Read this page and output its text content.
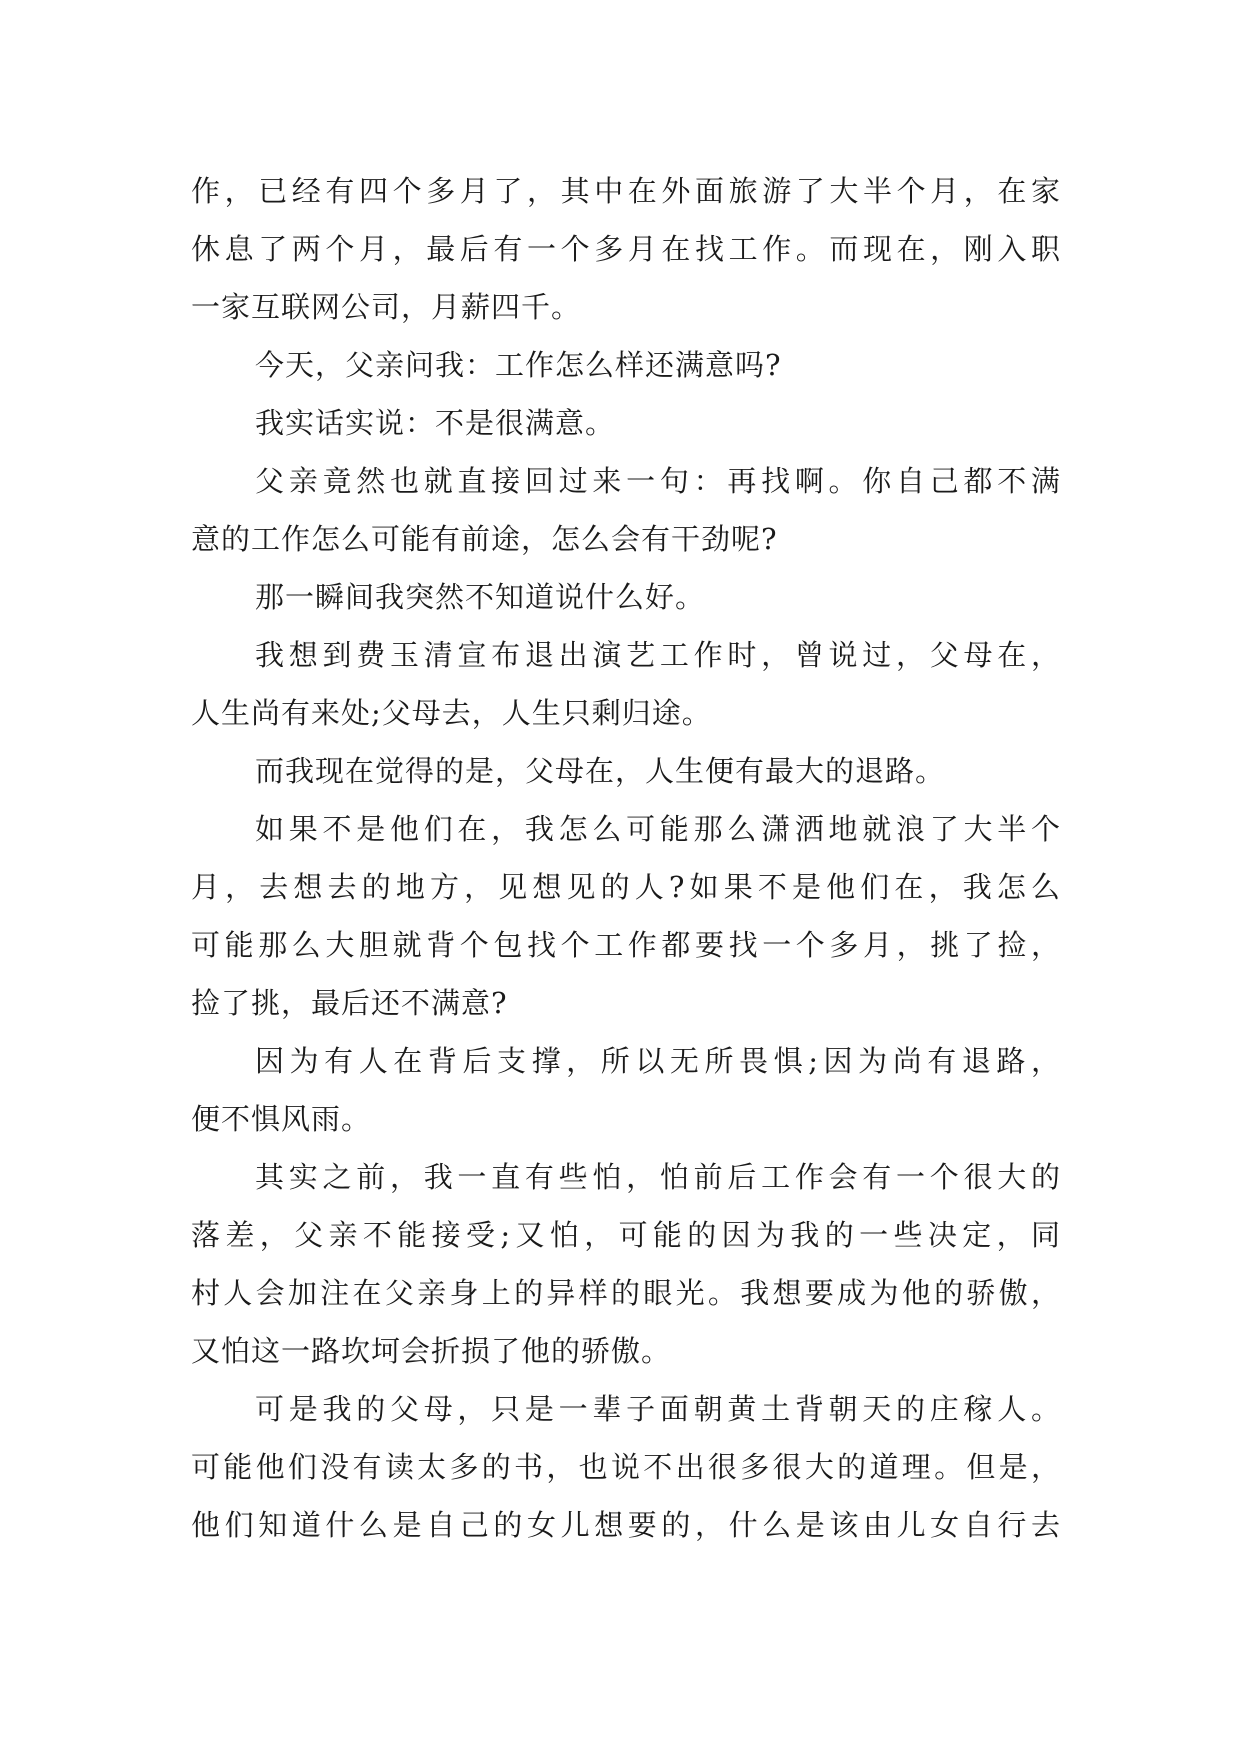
作，已经有四个多月了，其中在外面旅游了大半个月，在家
休息了两个月，最后有一个多月在找工作。而现在，刚入职
一家互联网公司，月薪四千。
今天，父亲问我：工作怎么样还满意吗?
我实话实说：不是很满意。
父亲竟然也就直接回过来一句：再找啊。你自己都不满
意的工作怎么可能有前途，怎么会有干劲呢?
那一瞬间我突然不知道说什么好。
我想到费玉清宣布退出演艺工作时，曾说过，父母在，
人生尚有来处;父母去，人生只剩归途。
而我现在觉得的是，父母在，人生便有最大的退路。
如果不是他们在，我怎么可能那么潇洒地就浪了大半个
月，去想去的地方，见想见的人?如果不是他们在，我怎么
可能那么大胆就背个包找个工作都要找一个多月，挑了捡，
捡了挑，最后还不满意?
因为有人在背后支撑，所以无所畏惧;因为尚有退路，
便不惧风雨。
其实之前，我一直有些怕，怕前后工作会有一个很大的
落差，父亲不能接受;又怕，可能的因为我的一些决定，同
村人会加注在父亲身上的异样的眼光。我想要成为他的骄傲，
又怕这一路坎坷会折损了他的骄傲。
可是我的父母，只是一辈子面朝黄土背朝天的庄稼人。
可能他们没有读太多的书，也说不出很多很大的道理。但是，
他们知道什么是自己的女儿想要的，什么是该由儿女自行去
